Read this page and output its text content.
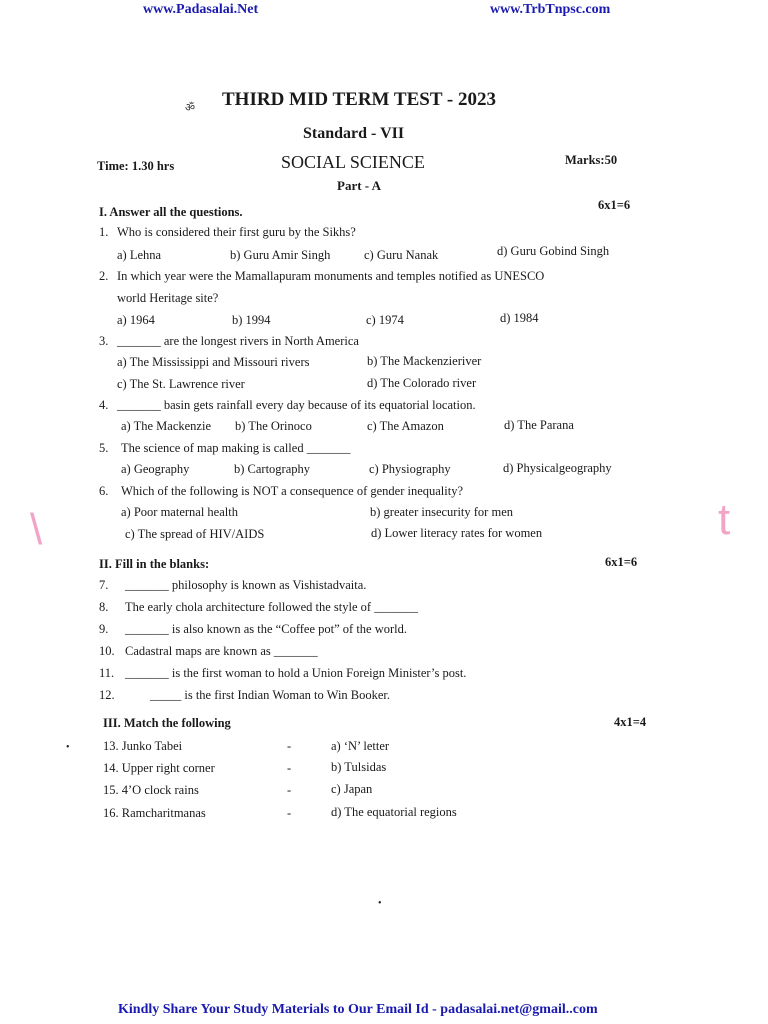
www.Padasalai.Net	www.TrbTnpsc.com
ॐ THIRD MID TERM TEST - 2023
Standard - VII
Time: 1.30 hrs	SOCIAL SCIENCE	Marks:50
Part - A
I. Answer all the questions.	6x1=6
1. Who is considered their first guru by the Sikhs?
a) Lehna	b) Guru Amir Singh	c) Guru Nanak	d) Guru Gobind Singh
2. In which year were the Mamallapuram monuments and temples notified as UNESCO
world Heritage site?
a) 1964	b) 1994	c) 1974	d) 1984
3. _______ are the longest rivers in North America
a) The Mississippi and Missouri rivers	b) The Mackenzieriver
c) The St. Lawrence river	d) The Colorado river
4. _______ basin gets rainfall every day because of its equatorial location.
a) The Mackenzie b) The Orinoco	c) The Amazon	d) The Parana
5. The science of map making is called _______
a) Geography	b) Cartography	c) Physiography	d) Physicalgeography
6. Which of the following is NOT a consequence of gender inequality?
a) Poor maternal health	b) greater insecurity for men
c) The spread of HIV/AIDS	d) Lower literacy rates for women
\	t
II. Fill in the blanks:	6x1=6
7. _______ philosophy is known as Vishistadvaita.
8. The early chola architecture followed the style of _______
9. _______ is also known as the “Coffee pot” of the world.
10. Cadastral maps are known as _______
11. _______ is the first woman to hold a Union Foreign Minister’s post.
12.	_____ is the first Indian Woman to Win Booker.
III. Match the following	4x1=4
13. Junko Tabei	-	a) ‘N’ letter
14. Upper right corner	-	b) Tulsidas
15. 4’O clock rains	-	c) Japan
16. Ramcharitmanas	-	d) The equatorial regions
•
•
Kindly Share Your Study Materials to Our Email Id - padasalai.net@gmail..com
